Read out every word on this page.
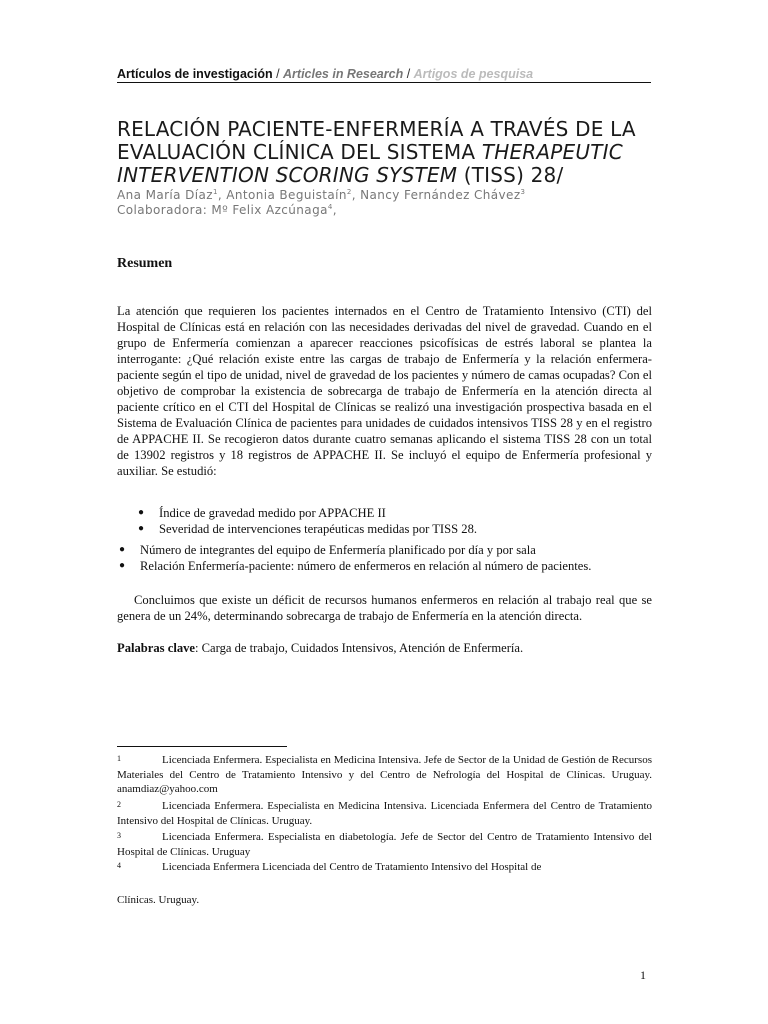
Artículos de investigación / Articles in Research / Artigos de pesquisa
RELACIÓN PACIENTE-ENFERMERÍA A TRAVÉS DE LA EVALUACIÓN CLÍNICA DEL SISTEMA THERAPEUTIC INTERVENTION SCORING SYSTEM (TISS) 28/
Ana María Díaz$^1$, Antonia Beguistaín$^2$, Nancy Fernández Chávez$^3$
Colaboradora: Mº Felix Azcúnaga$^4$,
Resumen

La atención que requieren los pacientes internados en el Centro de Tratamiento Intensivo (CTI) del Hospital de Clínicas está en relación con las necesidades derivadas del nivel de gravedad. Cuando en el grupo de Enfermería comienzan a aparecer reacciones psicofísicas de estrés laboral se plantea la interrogante: ¿Qué relación existe entre las cargas de trabajo de Enfermería y la relación enfermera-paciente según el tipo de unidad, nivel de gravedad de los pacientes y número de camas ocupadas? Con el objetivo de comprobar la existencia de sobrecarga de trabajo de Enfermería en la atención directa al paciente crítico en el CTI del Hospital de Clínicas se realizó una investigación prospectiva basada en el Sistema de Evaluación Clínica de pacientes para unidades de cuidados intensivos TISS 28 y en el registro de APPACHE II. Se recogieron datos durante cuatro semanas aplicando el sistema TISS 28 con un total de 13902 registros y 18 registros de APPACHE II. Se incluyó el equipo de Enfermería profesional y auxiliar. Se estudió:

● Índice de gravedad medido por APPACHE II
● Severidad de intervenciones terapéuticas medidas por TISS 28.
● Número de integrantes del equipo de Enfermería planificado por día y por sala
● Relación Enfermería-paciente: número de enfermeros en relación al número de pacientes.

Concluimos que existe un déficit de recursos humanos enfermeros en relación al trabajo real que se genera de un 24%, determinando sobrecarga de trabajo de Enfermería en la atención directa.

Palabras clave: Carga de trabajo, Cuidados Intensivos, Atención de Enfermería.

1	Licenciada Enfermera. Especialista en Medicina Intensiva. Jefe de Sector de la Unidad de Gestión de Recursos Materiales del Centro de Tratamiento Intensivo y del Centro de Nefrología del Hospital de Clínicas. Uruguay. anamdiaz@yahoo.com

2	Licenciada Enfermera. Especialista en Medicina Intensiva. Licenciada Enfermera del Centro de Tratamiento Intensivo del Hospital de Clínicas. Uruguay.

3	Licenciada Enfermera. Especialista en diabetología. Jefe de Sector del Centro de Tratamiento Intensivo del Hospital de Clínicas. Uruguay

4	Licenciada Enfermera Licenciada del Centro de Tratamiento Intensivo del Hospital de

Clínicas. Uruguay.

1
